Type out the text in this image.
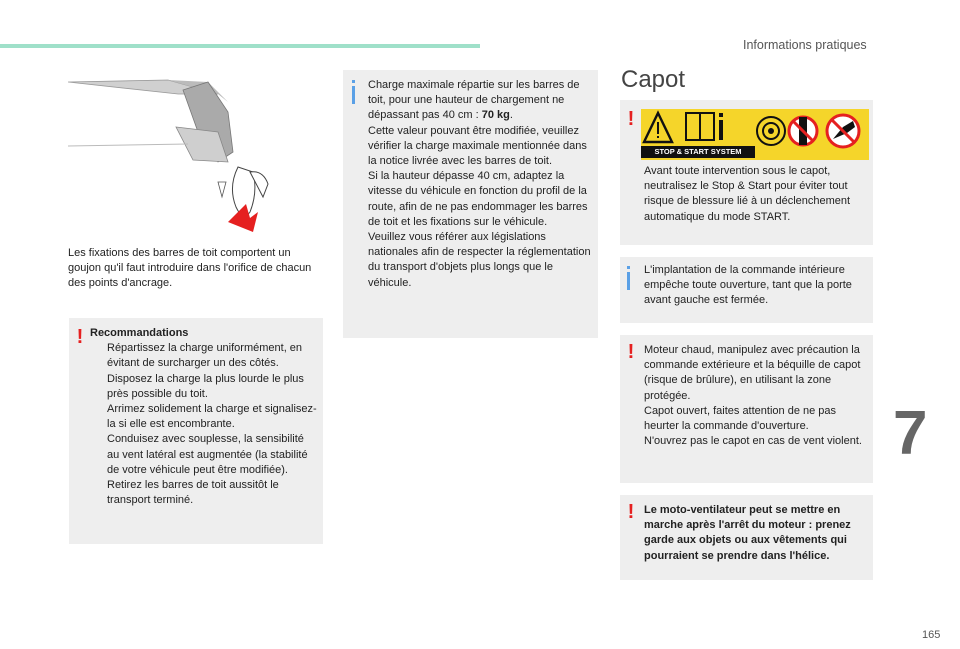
Informations pratiques
7
165
Les fixations des barres de toit comportent un goujon qu'il faut introduire dans l'orifice de chacun des points d'ancrage.
! Recommandations
Répartissez la charge uniformément, en évitant de surcharger un des côtés.
Disposez la charge la plus lourde le plus près possible du toit.
Arrimez solidement la charge et signalisez-la si elle est encombrante.
Conduisez avec souplesse, la sensibilité au vent latéral est augmentée (la stabilité de votre véhicule peut être modifiée).
Retirez les barres de toit aussitôt le transport terminé.
Charge maximale répartie sur les barres de toit, pour une hauteur de chargement ne dépassant pas 40 cm : 70 kg.
Cette valeur pouvant être modifiée, veuillez vérifier la charge maximale mentionnée dans la notice livrée avec les barres de toit.
Si la hauteur dépasse 40 cm, adaptez la vitesse du véhicule en fonction du profil de la route, afin de ne pas endommager les barres de toit et les fixations sur le véhicule.
Veuillez vous référer aux législations nationales afin de respecter la réglementation du transport d'objets plus longs que le véhicule.
Capot
!
Avant toute intervention sous le capot, neutralisez le Stop & Start pour éviter tout risque de blessure lié à un déclenchement automatique du mode START.
STOP & START SYSTEM
L'implantation de la commande intérieure empêche toute ouverture, tant que la porte avant gauche est fermée.
! Moteur chaud, manipulez avec précaution la commande extérieure et la béquille de capot (risque de brûlure), en utilisant la zone protégée.
Capot ouvert, faites attention de ne pas heurter la commande d'ouverture.
N'ouvrez pas le capot en cas de vent violent.
! Le moto-ventilateur peut se mettre en marche après l'arrêt du moteur : prenez garde aux objets ou aux vêtements qui pourraient se prendre dans l'hélice.
